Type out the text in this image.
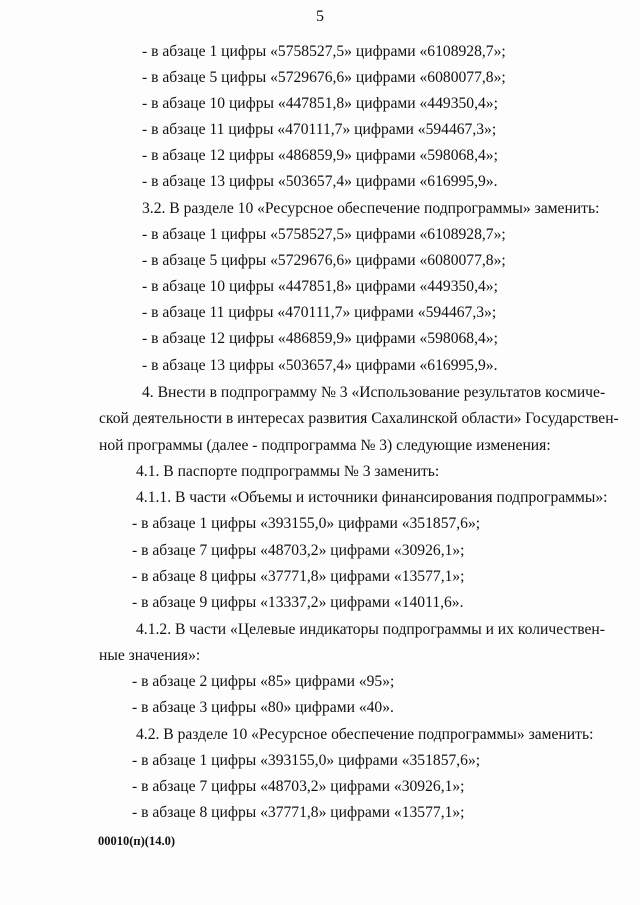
5
- в абзаце 1 цифры «5758527,5» цифрами «6108928,7»;
- в абзаце 5 цифры «5729676,6» цифрами «6080077,8»;
- в абзаце 10 цифры «447851,8» цифрами «449350,4»;
- в абзаце 11 цифры «470111,7» цифрами «594467,3»;
- в абзаце 12 цифры «486859,9» цифрами «598068,4»;
- в абзаце 13 цифры «503657,4» цифрами «616995,9».
3.2. В разделе 10 «Ресурсное обеспечение подпрограммы» заменить:
- в абзаце 1 цифры «5758527,5» цифрами «6108928,7»;
- в абзаце 5 цифры «5729676,6» цифрами «6080077,8»;
- в абзаце 10 цифры «447851,8» цифрами «449350,4»;
- в абзаце 11 цифры «470111,7» цифрами «594467,3»;
- в абзаце 12 цифры «486859,9» цифрами «598068,4»;
- в абзаце 13 цифры «503657,4» цифрами «616995,9».
4. Внести в подпрограмму № 3 «Использование результатов космиче-
ской деятельности в интересах развития Сахалинской области» Государствен-
ной программы (далее - подпрограмма № 3) следующие изменения:
4.1. В паспорте подпрограммы № 3 заменить:
4.1.1. В части «Объемы и источники финансирования подпрограммы»:
- в абзаце 1 цифры «393155,0» цифрами «351857,6»;
- в абзаце 7 цифры «48703,2» цифрами «30926,1»;
- в абзаце 8 цифры «37771,8» цифрами «13577,1»;
- в абзаце 9 цифры «13337,2» цифрами «14011,6».
4.1.2. В части «Целевые индикаторы подпрограммы и их количествен-
ные значения»:
- в абзаце 2 цифры «85» цифрами «95»;
- в абзаце 3 цифры «80» цифрами «40».
4.2. В разделе 10 «Ресурсное обеспечение подпрограммы» заменить:
- в абзаце 1 цифры «393155,0» цифрами «351857,6»;
- в абзаце 7 цифры «48703,2» цифрами «30926,1»;
- в абзаце 8 цифры «37771,8» цифрами «13577,1»;
00010(п)(14.0)
